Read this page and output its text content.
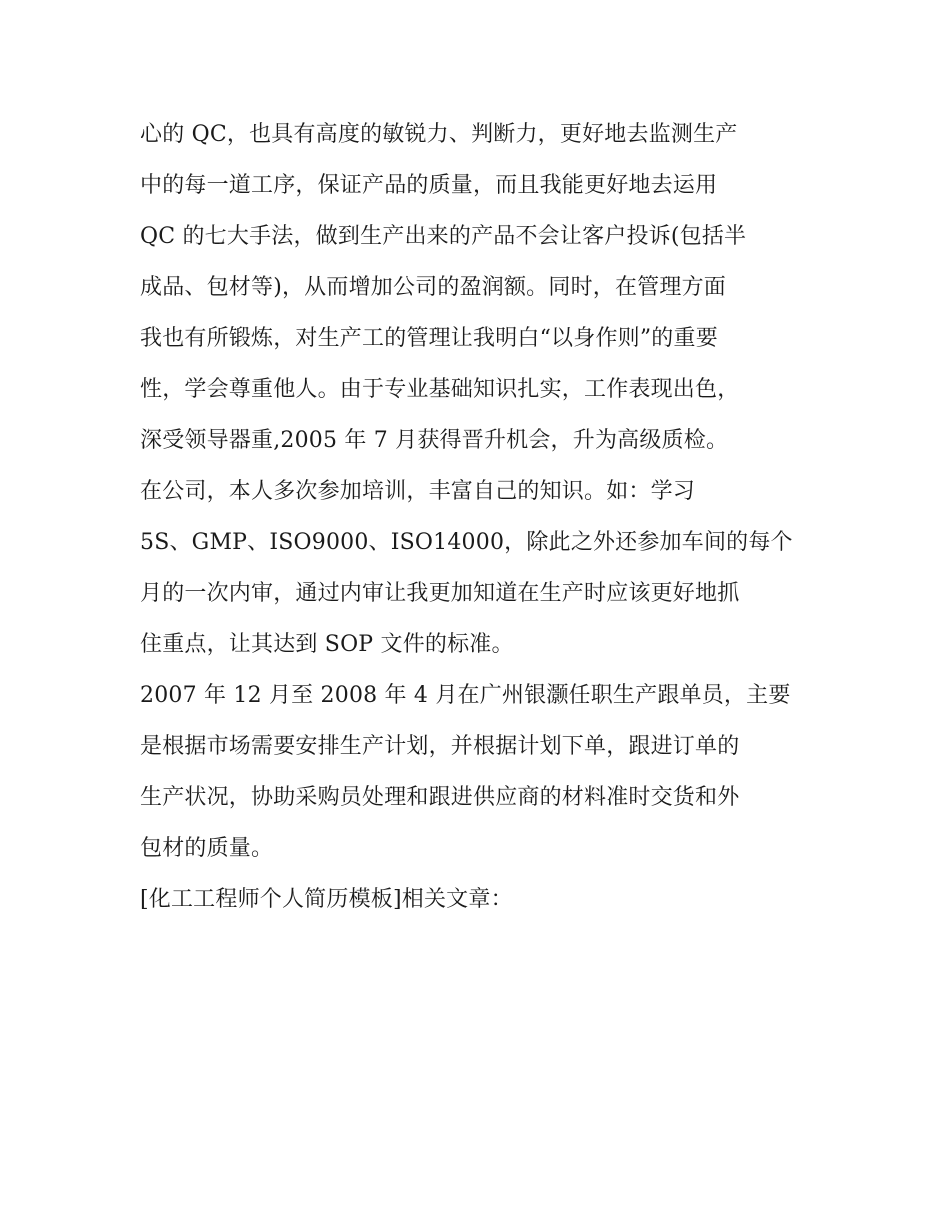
心的 QC，也具有高度的敏锐力、判断力，更好地去监测生产
中的每一道工序，保证产品的质量，而且我能更好地去运用
QC 的七大手法，做到生产出来的产品不会让客户投诉(包括半
成品、包材等)，从而增加公司的盈润额。同时，在管理方面
我也有所锻炼，对生产工的管理让我明白“以身作则”的重要
性，学会尊重他人。由于专业基础知识扎实，工作表现出色，
深受领导器重,2005 年 7 月获得晋升机会，升为高级质检。
在公司，本人多次参加培训，丰富自己的知识。如：学习
5S、GMP、ISO9000、ISO14000，除此之外还参加车间的每个
月的一次内审，通过内审让我更加知道在生产时应该更好地抓
住重点，让其达到 SOP 文件的标准。
2007 年 12 月至 2008 年 4 月在广州银灏任职生产跟单员，主要
是根据市场需要安排生产计划，并根据计划下单，跟进订单的
生产状况，协助采购员处理和跟进供应商的材料准时交货和外
包材的质量。
[化工工程师个人简历模板]相关文章：
